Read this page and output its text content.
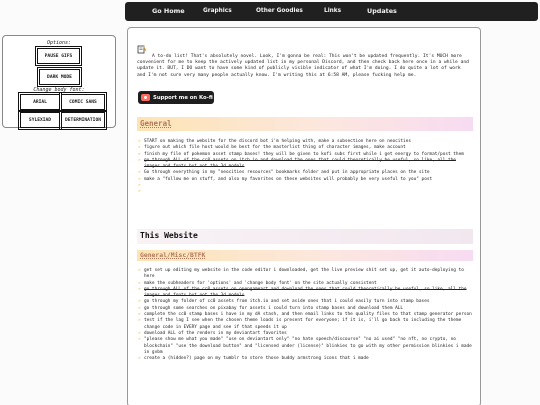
Go Home	Graphics	Other Goodies	Links	Updates
Options:
PAUSE GIFS
DARK MODE
Change body font:
ARIAL	COMIC SANS
SYLEXIAD	DETERMINATION

A to-do list! That's absolutely novel. Look, I'm gonna be real: This won't be updated frequently. It's MUCH more convenient for me to keep the actively updated list in my personal Discord, and then check back here once in a while and update it. BUT, I DO want to have some kind of publicly visible indicator of what I'm doing. I do quite a lot of work and I'm not sure very many people actually know. I'm writing this at 6:58 AM, please fucking help me.

Support me on Ko-fi
General
» START on making the website for the discord bot i'm helping with, make a subsection here on neocities
» figure out which file host would be best for the masterlist thing of character images, make account
» finish my file of pokemon asset stamp bases! they will be given to kofi subs first while i get energy to format/post them
» go through ALL of the cc0 assets on itch.io and download the ones that could theoretically be useful, so like, all the images and fonts but not the 3d models
» Go through everything in my "neocities resources" bookmarks folder and put in appropriate places on the site
» make a "follow me on stuff, and also my favorites on these websites will probably be very useful to you" post
»
»
This Website
General/Misc/BTFK
» get set up editing my website in the code editor i downloaded, get the live preview shit set up, get it auto-deploying to here
» make the subheaders for 'options' and 'change body font' on the site actually consistent
» go through ALL of the cc0 assets on opengameart and download the ones that could theoretically be useful, so like, all the images and fonts but not the 3d models
» go through my folder of cc0 assets from itch.io and set aside ones that i could easily turn into stamp bases
» go through some searches on pixabay for assets i could turn into stamp bases and download them ALL
» complete the cc0 stamp bases i have in my dA stash, and then email links to the quality files to that stamp generator person
» test if the lag I see when the chosen theme loads is present for everyone; if it is, i'll go back to including the theme change code in EVERY page and see if that speeds it up
» download ALL of the renders in my deviantart favorites
» "please show me what you made" "use on deviantart only" "no hate speech/discourse" "no ai used" "no nft, no crypto, no blockchain" "use the download button" and "licensed under (license)" blinkies to go with my other permission blinkies i made in gvbm
» create a (hidden?) page on my tumblr to store those buddy armstrong icons that i made
